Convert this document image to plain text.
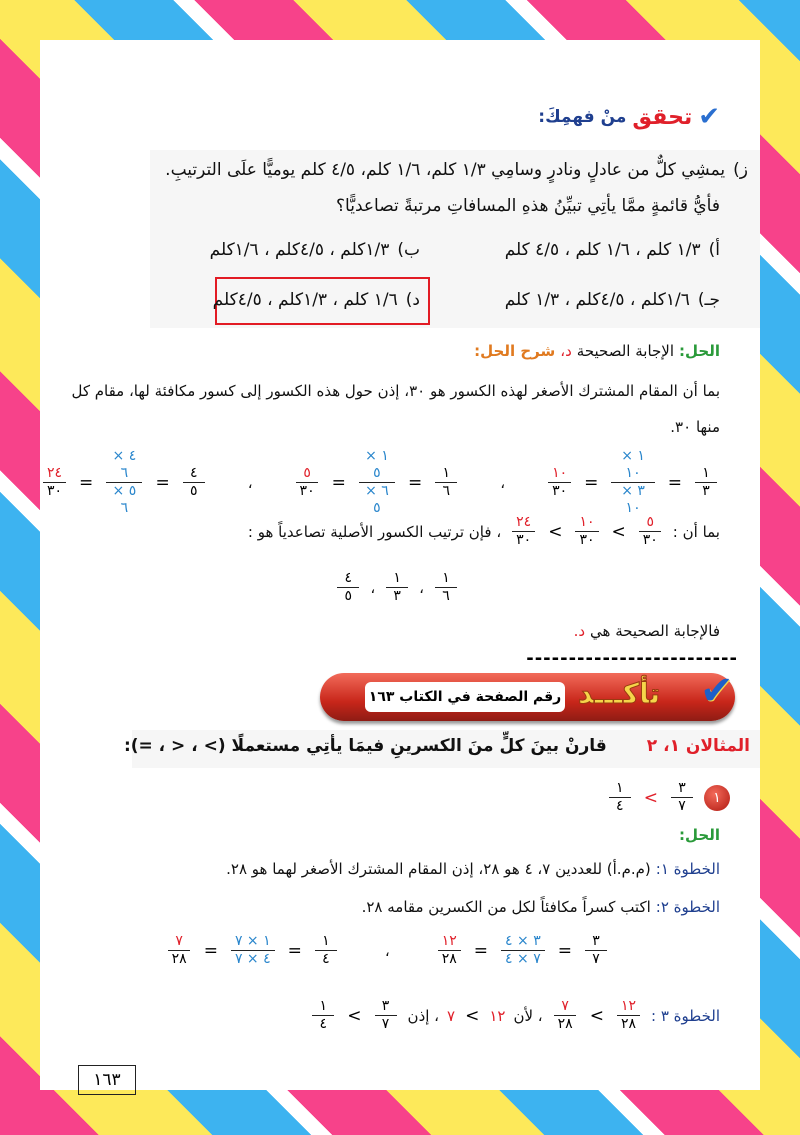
✔
تحقق
منْ فهمِكَ:
ز)
يمشِي كلٌّ من عادلٍ ونادرٍ وسامِي ١/٣ كلم، ١/٦ كلم، ٤/٥ كلم يوميًّا علَى الترتيبِ.
فأيُّ قائمةٍ ممَّا يأتِي تبيِّنُ هذهِ المسافاتِ مرتبةً تصاعديًّا؟
أ)
١/٣ كلم ، ١/٦ كلم ، ٤/٥ كلم
ب)
١/٣كلم ، ٤/٥كلم ، ١/٦كلم
جـ)
١/٦كلم ، ٤/٥كلم ، ١/٣ كلم
د)
١/٦ كلم ، ١/٣كلم ، ٤/٥كلم
الحل:
الإجابة الصحيحة
د،
شرح الحل:
بما أن المقام المشترك الأصغر لهذه الكسور هو ٣٠، إذن حول هذه الكسور إلى كسور مكافئة لها، مقام كل
منها ٣٠.
$\frac{١}{٣}$
=
$\frac{١ \times ١٠}{٣ \times ١٠}$
=
$\frac{١٠}{٣٠}$
،
$\frac{١}{٦}$
=
$\frac{١ \times ٥}{٦ \times ٥}$
=
$\frac{٥}{٣٠}$
،
$\frac{٤}{٥}$
=
$\frac{٤ \times ٦}{٥ \times ٦}$
=
$\frac{٢٤}{٣٠}$
بما أن :
$\frac{٥}{٣٠}$
<
$\frac{١٠}{٣٠}$
<
$\frac{٢٤}{٣٠}$
، فإن ترتيب الكسور الأصلية تصاعدياً هو :
$\frac{١}{٦}$
،
$\frac{١}{٣}$
،
$\frac{٤}{٥}$
فالإجابة الصحيحة هي
د.
-------------------------
رقم الصفحة في الكتاب ١٦٣ تأكـــد ✔
المثالان ١، ٢
قارنْ بينَ كلٍّ منَ الكسرينِ فيمَا يأتِي مستعملًا (> ، < ، =):
١
$\frac{٣}{٧}$
<
$\frac{١}{٤}$
الحل:
الخطوة ١:
(م.م.أ) للعددين ٧، ٤ هو ٢٨، إذن المقام المشترك الأصغر لهما هو ٢٨.
الخطوة ٢:
اكتب كسراً مكافئاً لكل من الكسرين مقامه ٢٨.
$\frac{٣}{٧}$
=
$\frac{٣ \times ٤}{٧ \times ٤}$
=
$\frac{١٢}{٢٨}$
،
$\frac{١}{٤}$
=
$\frac{١ \times ٧}{٤ \times ٧}$
=
$\frac{٧}{٢٨}$
الخطوة ٣ :
$\frac{١٢}{٢٨}$
<
$\frac{٧}{٢٨}$
، لأن
١٢
<
٧
، إذن
$\frac{٣}{٧}$
<
$\frac{١}{٤}$
١٦٣
